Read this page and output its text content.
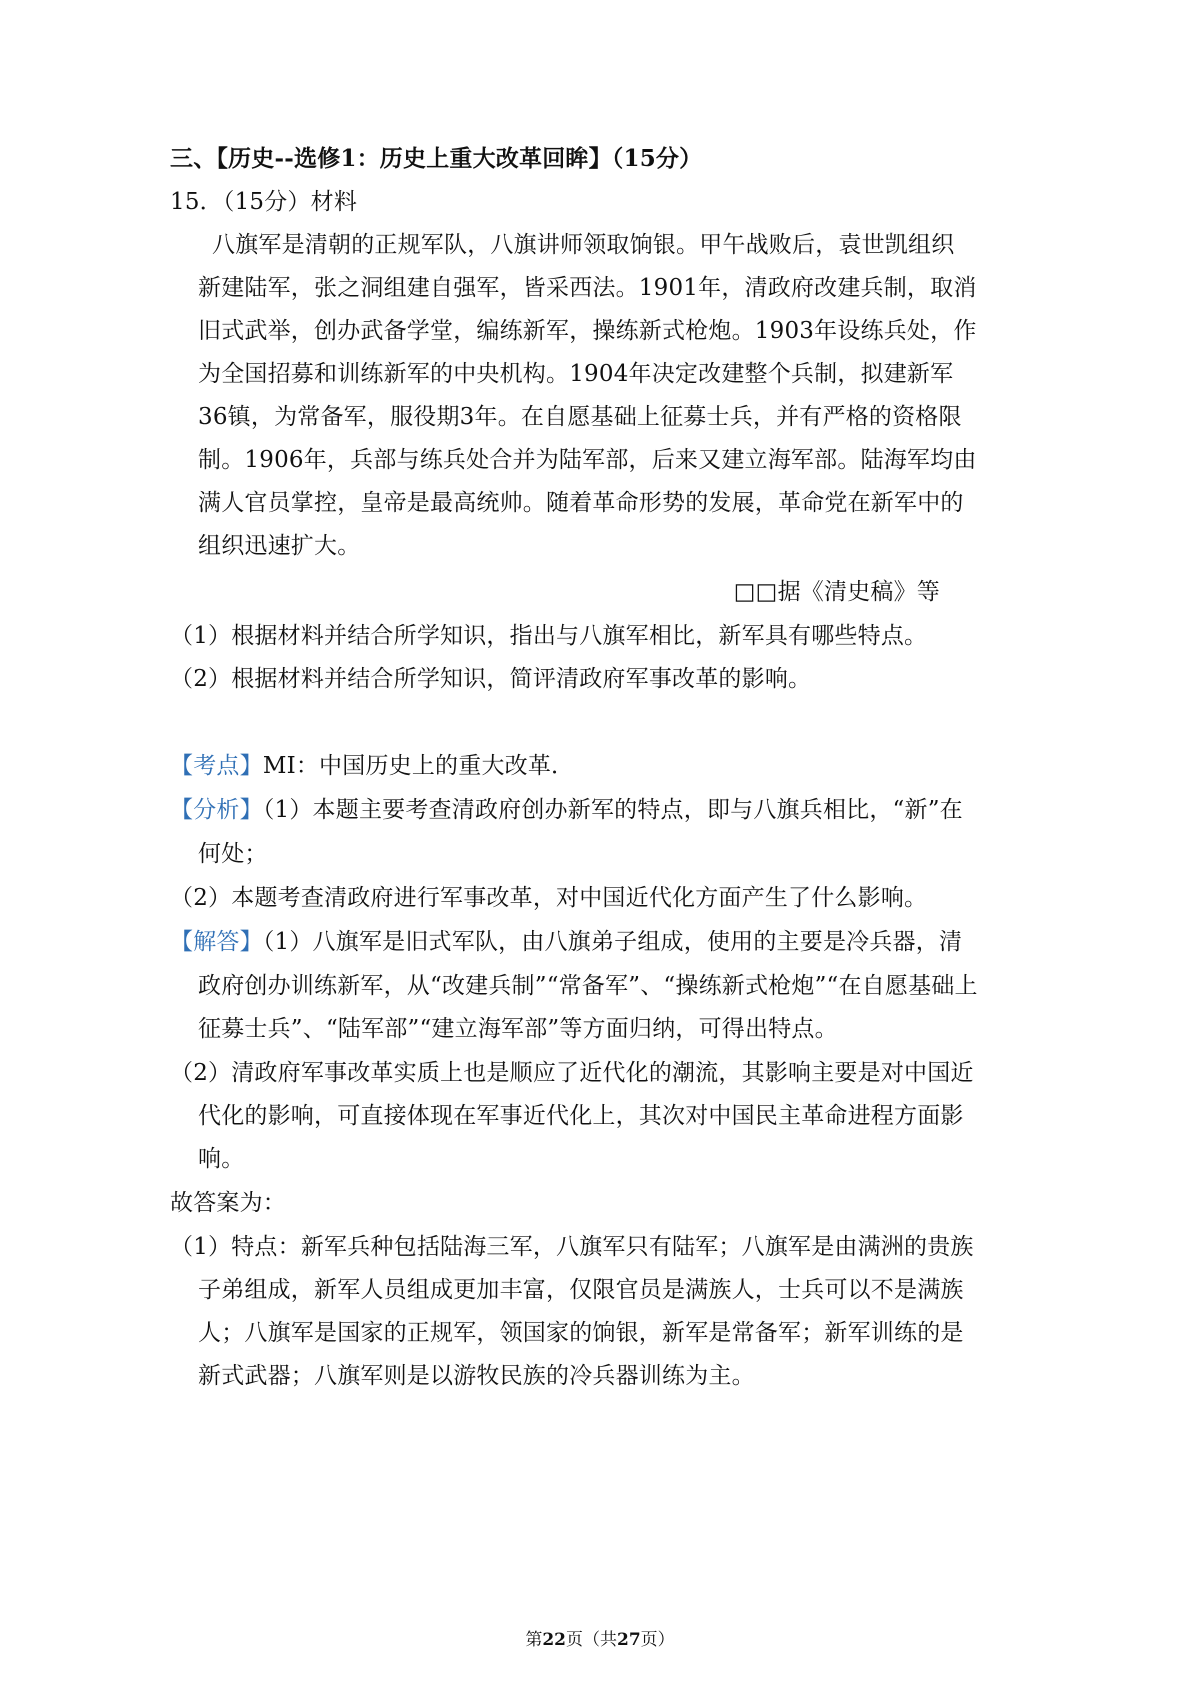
三、【历史--选修1：历史上重大改革回眸】（15分）
15．（15分）材料
八旗军是清朝的正规军队，八旗讲师领取饷银。甲午战败后，袁世凯组织
新建陆军，张之洞组建自强军，皆采西法。1901年，清政府改建兵制，取消
旧式武举，创办武备学堂，编练新军，操练新式枪炮。1903年设练兵处，作
为全国招募和训练新军的中央机构。1904年决定改建整个兵制，拟建新军
36镇，为常备军，服役期3年。在自愿基础上征募士兵，并有严格的资格限
制。1906年，兵部与练兵处合并为陆军部，后来又建立海军部。陆海军均由
满人官员掌控，皇帝是最高统帅。随着革命形势的发展，革命党在新军中的
组织迅速扩大。
□□据《清史稿》等
（1）根据材料并结合所学知识，指出与八旗军相比，新军具有哪些特点。
（2）根据材料并结合所学知识，简评清政府军事改革的影响。
【考点】MI：中国历史上的重大改革．
【分析】（1）本题主要考查清政府创办新军的特点，即与八旗兵相比，“新”在
何处；
（2）本题考查清政府进行军事改革，对中国近代化方面产生了什么影响。
【解答】（1）八旗军是旧式军队，由八旗弟子组成，使用的主要是冷兵器，清
政府创办训练新军，从“改建兵制”“常备军”、“操练新式枪炮”“在自愿基础上
征募士兵”、“陆军部”“建立海军部”等方面归纳，可得出特点。
（2）清政府军事改革实质上也是顺应了近代化的潮流，其影响主要是对中国近
代化的影响，可直接体现在军事近代化上，其次对中国民主革命进程方面影
响。
故答案为：
（1）特点：新军兵种包括陆海三军，八旗军只有陆军；八旗军是由满洲的贵族
子弟组成，新军人员组成更加丰富，仅限官员是满族人，士兵可以不是满族
人；八旗军是国家的正规军，领国家的饷银，新军是常备军；新军训练的是
新式武器；八旗军则是以游牧民族的冷兵器训练为主。
第22页（共27页）
